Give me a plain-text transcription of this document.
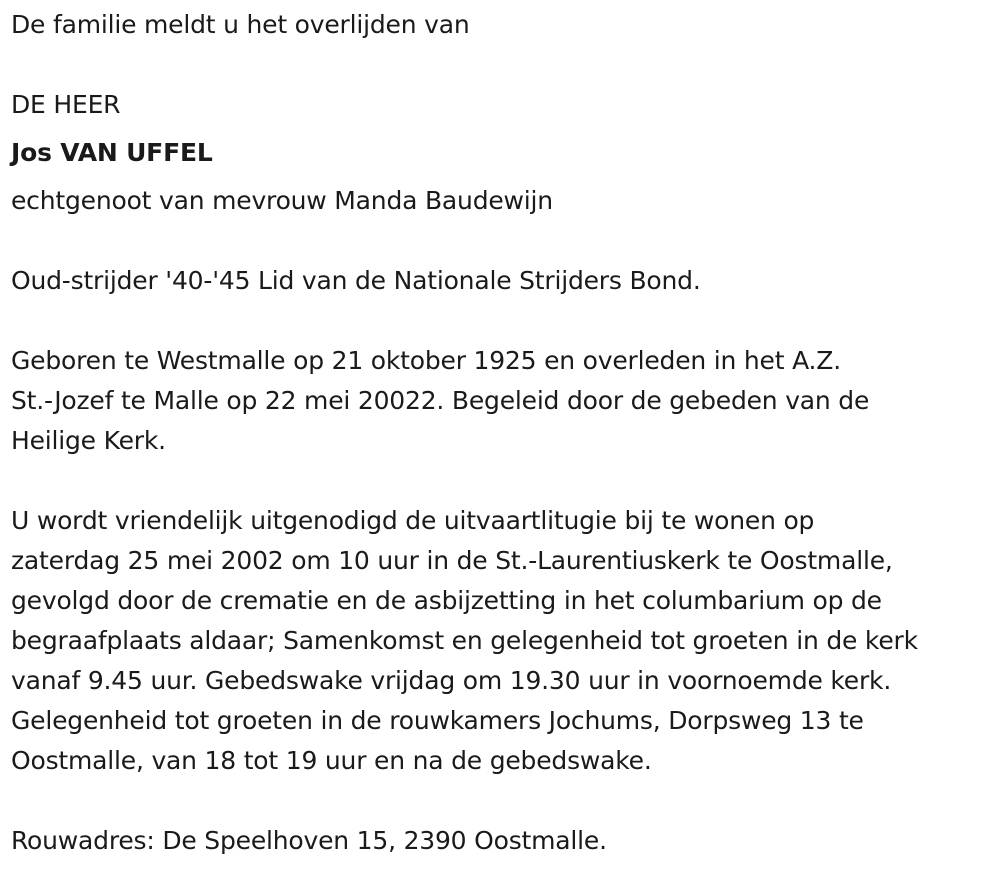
De familie meldt u het overlijden van
DE HEER
Jos VAN UFFEL
echtgenoot van mevrouw Manda Baudewijn
Oud-strijder '40-'45 Lid van de Nationale Strijders Bond.
Geboren te Westmalle op 21 oktober 1925 en overleden in het A.Z.
St.-Jozef te Malle op 22 mei 20022. Begeleid door de gebeden van de
Heilige Kerk.
U wordt vriendelijk uitgenodigd de uitvaartlitugie bij te wonen op
zaterdag 25 mei 2002 om 10 uur in de St.-Laurentiuskerk te Oostmalle,
gevolgd door de crematie en de asbijzetting in het columbarium op de
begraafplaats aldaar; Samenkomst en gelegenheid tot groeten in de kerk
vanaf 9.45 uur. Gebedswake vrijdag om 19.30 uur in voornoemde kerk.
Gelegenheid tot groeten in de rouwkamers Jochums, Dorpsweg 13 te
Oostmalle, van 18 tot 19 uur en na de gebedswake.
Rouwadres: De Speelhoven 15, 2390 Oostmalle.
